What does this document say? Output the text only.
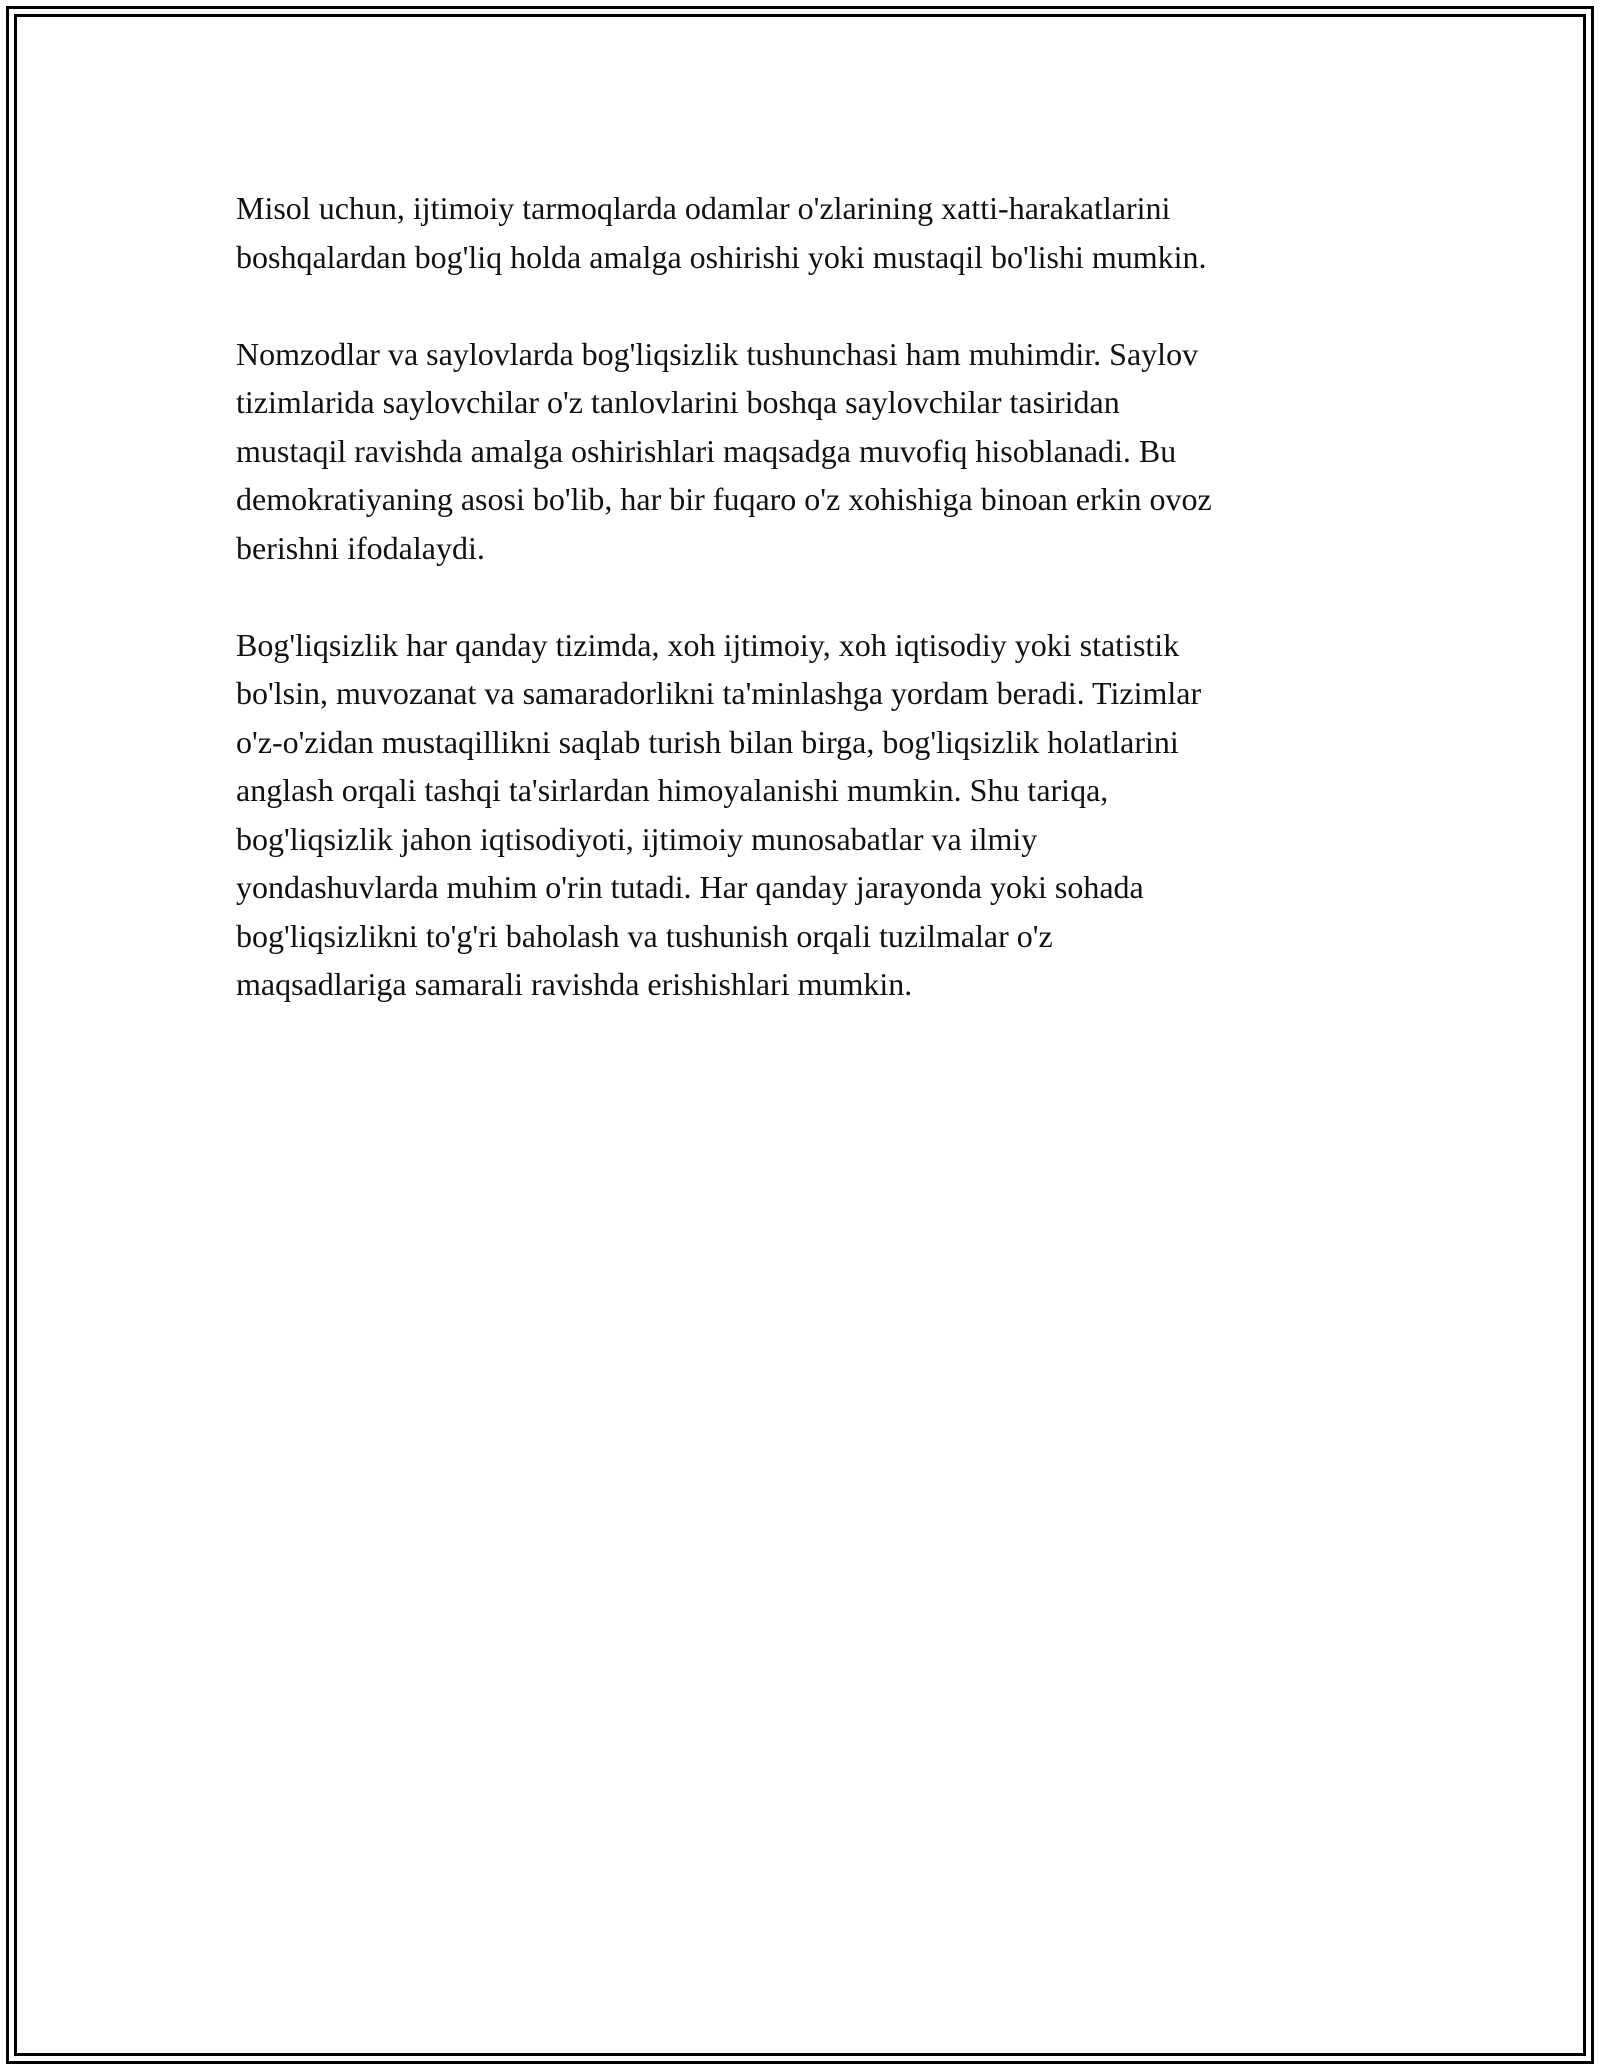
Misol uchun, ijtimoiy tarmoqlarda odamlar o'zlarining xatti-harakatlarini
boshqalardan bog'liq holda amalga oshirishi yoki mustaqil bo'lishi mumkin.

Nomzodlar va saylovlarda bog'liqsizlik tushunchasi ham muhimdir. Saylov
tizimlarida saylovchilar o'z tanlovlarini boshqa saylovchilar tasiridan
mustaqil ravishda amalga oshirishlari maqsadga muvofiq hisoblanadi. Bu
demokratiyaning asosi bo'lib, har bir fuqaro o'z xohishiga binoan erkin ovoz
berishni ifodalaydi.

Bog'liqsizlik har qanday tizimda, xoh ijtimoiy, xoh iqtisodiy yoki statistik
bo'lsin, muvozanat va samaradorlikni ta'minlashga yordam beradi. Tizimlar
o'z-o'zidan mustaqillikni saqlab turish bilan birga, bog'liqsizlik holatlarini
anglash orqali tashqi ta'sirlardan himoyalanishi mumkin. Shu tariqa,
bog'liqsizlik jahon iqtisodiyoti, ijtimoiy munosabatlar va ilmiy
yondashuvlarda muhim o'rin tutadi. Har qanday jarayonda yoki sohada
bog'liqsizlikni to'g'ri baholash va tushunish orqali tuzilmalar o'z
maqsadlariga samarali ravishda erishishlari mumkin.
